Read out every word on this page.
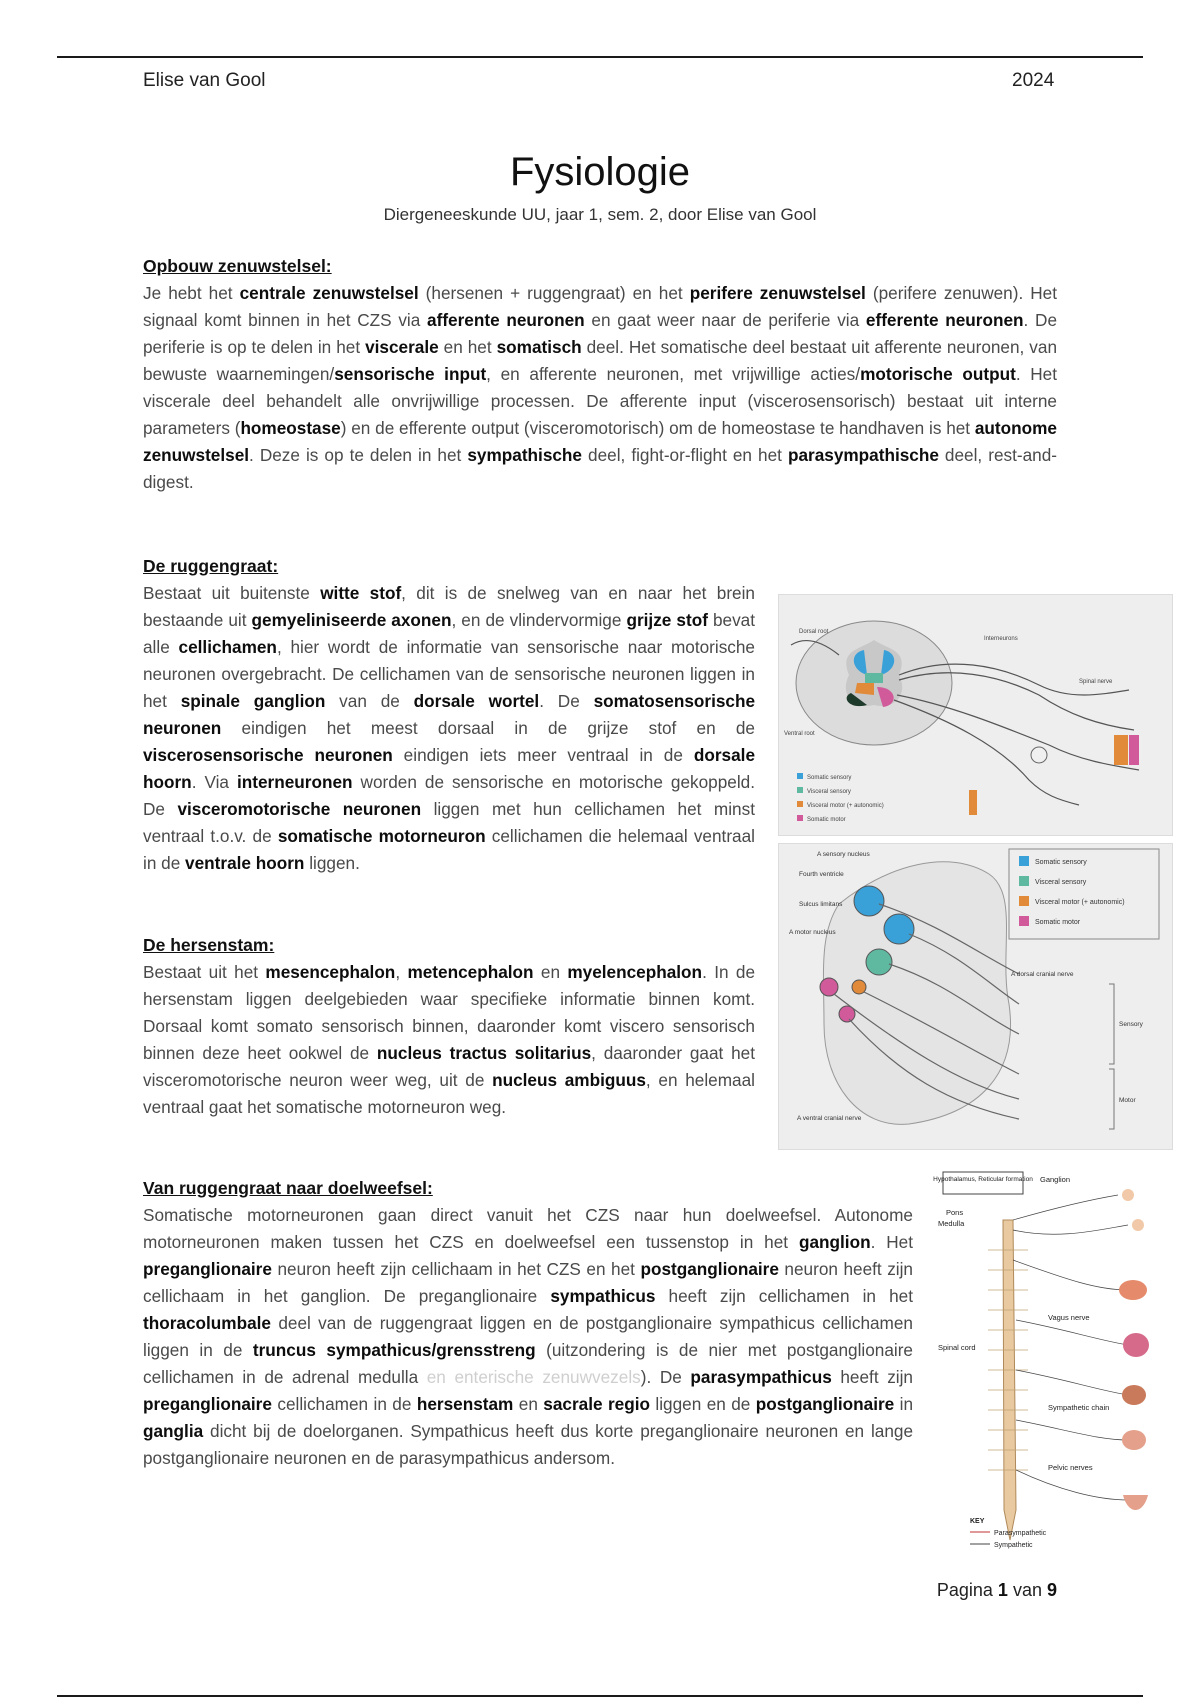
Elise van Gool	2024
Fysiologie
Diergeneeskunde UU, jaar 1, sem. 2, door Elise van Gool
Opbouw zenuwstelsel:

Je hebt het centrale zenuwstelsel (hersenen + ruggengraat) en het perifere zenuwstelsel (perifere zenuwen). Het signaal komt binnen in het CZS via afferente neuronen en gaat weer naar de periferie via efferente neuronen. De periferie is op te delen in het viscerale en het somatisch deel. Het somatische deel bestaat uit afferente neuronen, van bewuste waarnemingen/sensorische input, en afferente neuronen, met vrijwillige acties/motorische output. Het viscerale deel behandelt alle onvrijwillige processen. De afferente input (viscerosensorisch) bestaat uit interne parameters (homeostase) en de efferente output (visceromotorisch) om de homeostase te handhaven is het autonome zenuwstelsel. Deze is op te delen in het sympathische deel, fight-or-flight en het parasympathische deel, rest-and-digest.

De ruggengraat:

Bestaat uit buitenste witte stof, dit is de snelweg van en naar het brein bestaande uit gemyeliniseerde axonen, en de vlindervormige grijze stof bevat alle cellichamen, hier wordt de informatie van sensorische naar motorische neuronen overgebracht. De cellichamen van de sensorische neuronen liggen in het spinale ganglion van de dorsale wortel. De somatosensorische neuronen eindigen het meest dorsaal in de grijze stof en de viscerosensorische neuronen eindigen iets meer ventraal in de dorsale hoorn. Via interneuronen worden de sensorische en motorische gekoppeld. De visceromotorische neuronen liggen met hun cellichamen het minst ventraal t.o.v. de somatische motorneuron cellichamen die helemaal ventraal in de ventrale hoorn liggen.

De hersenstam:

Bestaat uit het mesencephalon, metencephalon en myelencephalon. In de hersenstam liggen deelgebieden waar specifieke informatie binnen komt. Dorsaal komt somato sensorisch binnen, daaronder komt viscero sensorisch binnen deze heet ookwel de nucleus tractus solitarius, daaronder gaat het visceromotorische neuron weer weg, uit de nucleus ambiguus, en helemaal ventraal gaat het somatische motorneuron weg.

Van ruggengraat naar doelweefsel:

Somatische motorneuronen gaan direct vanuit het CZS naar hun doelweefsel. Autonome motorneuronen maken tussen het CZS en doelweefsel een tussenstop in het ganglion. Het preganglionaire neuron heeft zijn cellichaam in het CZS en het postganglionaire neuron heeft zijn cellichaam in het ganglion. De preganglionaire sympathicus heeft zijn cellichamen in het thoracolumbale deel van de ruggengraat liggen en de postganglionaire sympathicus cellichamen liggen in de truncus sympathicus/grensstreng (uitzondering is de nier met postganglionaire cellichamen in de adrenal medulla en enterische zenuwvezels). De parasympathicus heeft zijn preganglionaire cellichamen in de hersenstam en sacrale regio liggen en de postganglionaire in ganglia dicht bij de doelorganen. Sympathicus heeft dus korte preganglionaire neuronen en lange postganglionaire neuronen en de parasympathicus andersom.

Dorsal root
Ventral root
Spinal nerve
Interneurons
Somatic sensory
Visceral sensory
Visceral motor (+ autonomic)
Somatic motor
A sensory nucleus
Fourth ventricle
Sulcus limitans
A motor nucleus
A dorsal cranial nerve
A ventral cranial nerve
Sensory
Motor
Somatic sensory
Visceral sensory
Visceral motor (+ autonomic)
Somatic motor
Hypothalamus, Reticular formation Ganglion
Pons
Medulla
Spinal cord
Vagus nerve
Sympathetic chain
Pelvic nerves
KEY
Parasympathetic
Sympathetic
Pagina 1 van 9
